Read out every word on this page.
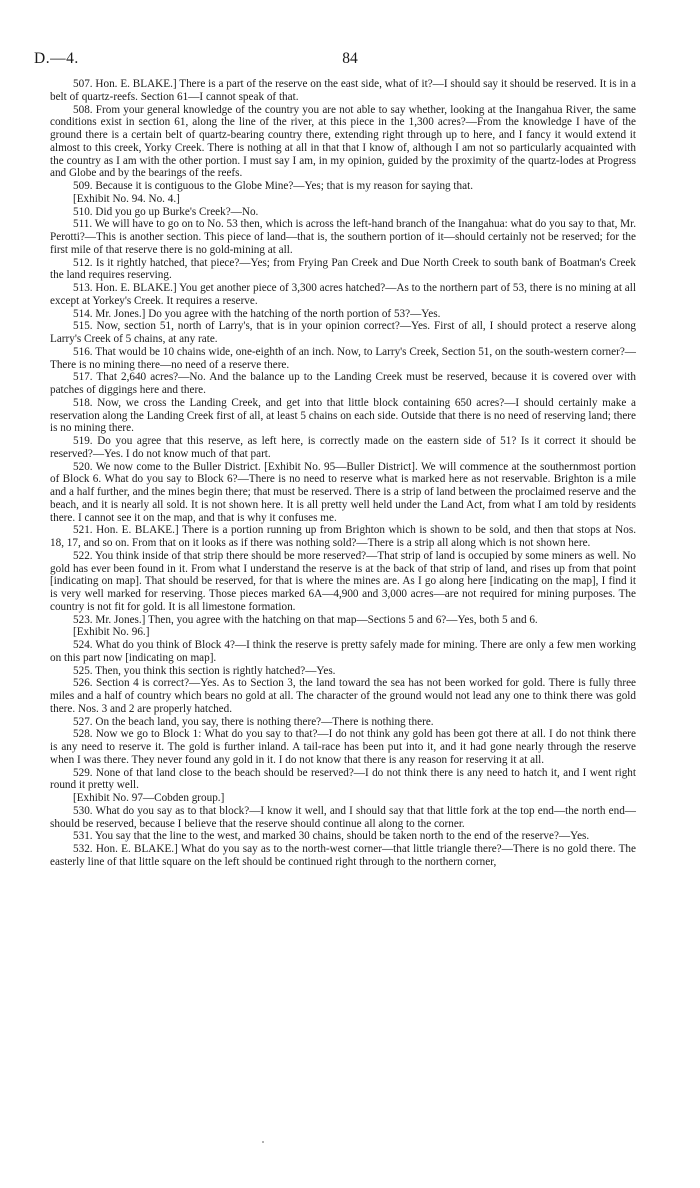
D.—4.	84

507. Hon. E. BLAKE.] There is a part of the reserve on the east side, what of it?—I should say it should be reserved. It is in a belt of quartz-reefs. Section 61—I cannot speak of that.

508. From your general knowledge of the country you are not able to say whether, looking at the Inangahua River, the same conditions exist in section 61, along the line of the river, at this piece in the 1,300 acres?—From the knowledge I have of the ground there is a certain belt of quartz-bearing country there, extending right through up to here, and I fancy it would extend it almost to this creek, Yorky Creek. There is nothing at all in that that I know of, although I am not so particularly acquainted with the country as I am with the other portion. I must say I am, in my opinion, guided by the proximity of the quartz-lodes at Progress and Globe and by the bearings of the reefs.

509. Because it is contiguous to the Globe Mine?—Yes; that is my reason for saying that.

[Exhibit No. 94. No. 4.]

510. Did you go up Burke's Creek?—No.

511. We will have to go on to No. 53 then, which is across the left-hand branch of the Inangahua: what do you say to that, Mr. Perotti?—This is another section. This piece of land—that is, the southern portion of it—should certainly not be reserved; for the first mile of that reserve there is no gold-mining at all.

512. Is it rightly hatched, that piece?—Yes; from Frying Pan Creek and Due North Creek to south bank of Boatman's Creek the land requires reserving.

513. Hon. E. BLAKE.] You get another piece of 3,300 acres hatched?—As to the northern part of 53, there is no mining at all except at Yorkey's Creek. It requires a reserve.

514. Mr. Jones.] Do you agree with the hatching of the north portion of 53?—Yes.

515. Now, section 51, north of Larry's, that is in your opinion correct?—Yes. First of all, I should protect a reserve along Larry's Creek of 5 chains, at any rate.

516. That would be 10 chains wide, one-eighth of an inch. Now, to Larry's Creek, Section 51, on the south-western corner?—There is no mining there—no need of a reserve there.

517. That 2,640 acres?—No. And the balance up to the Landing Creek must be reserved, because it is covered over with patches of diggings here and there.

518. Now, we cross the Landing Creek, and get into that little block containing 650 acres?—I should certainly make a reservation along the Landing Creek first of all, at least 5 chains on each side. Outside that there is no need of reserving land; there is no mining there.

519. Do you agree that this reserve, as left here, is correctly made on the eastern side of 51? Is it correct it should be reserved?—Yes. I do not know much of that part.

520. We now come to the Buller District. [Exhibit No. 95—Buller District]. We will commence at the southernmost portion of Block 6. What do you say to Block 6?—There is no need to reserve what is marked here as not reservable. Brighton is a mile and a half further, and the mines begin there; that must be reserved. There is a strip of land between the proclaimed reserve and the beach, and it is nearly all sold. It is not shown here. It is all pretty well held under the Land Act, from what I am told by residents there. I cannot see it on the map, and that is why it confuses me.

521. Hon. E. BLAKE.] There is a portion running up from Brighton which is shown to be sold, and then that stops at Nos. 18, 17, and so on. From that on it looks as if there was nothing sold?—There is a strip all along which is not shown here.

522. You think inside of that strip there should be more reserved?—That strip of land is occupied by some miners as well. No gold has ever been found in it. From what I understand the reserve is at the back of that strip of land, and rises up from that point [indicating on map]. That should be reserved, for that is where the mines are. As I go along here [indicating on the map], I find it is very well marked for reserving. Those pieces marked 6A—4,900 and 3,000 acres—are not required for mining purposes. The country is not fit for gold. It is all limestone formation.

523. Mr. Jones.] Then, you agree with the hatching on that map—Sections 5 and 6?—Yes, both 5 and 6.

[Exhibit No. 96.]

524. What do you think of Block 4?—I think the reserve is pretty safely made for mining. There are only a few men working on this part now [indicating on map].

525. Then, you think this section is rightly hatched?—Yes.

526. Section 4 is correct?—Yes. As to Section 3, the land toward the sea has not been worked for gold. There is fully three miles and a half of country which bears no gold at all. The character of the ground would not lead any one to think there was gold there. Nos. 3 and 2 are properly hatched.

527. On the beach land, you say, there is nothing there?—There is nothing there.

528. Now we go to Block 1: What do you say to that?—I do not think any gold has been got there at all. I do not think there is any need to reserve it. The gold is further inland. A tail-race has been put into it, and it had gone nearly through the reserve when I was there. They never found any gold in it. I do not know that there is any reason for reserving it at all.

529. None of that land close to the beach should be reserved?—I do not think there is any need to hatch it, and I went right round it pretty well.

[Exhibit No. 97—Cobden group.]

530. What do you say as to that block?—I know it well, and I should say that that little fork at the top end—the north end—should be reserved, because I believe that the reserve should continue all along to the corner.

531. You say that the line to the west, and marked 30 chains, should be taken north to the end of the reserve?—Yes.

532. Hon. E. BLAKE.] What do you say as to the north-west corner—that little triangle there?—There is no gold there. The easterly line of that little square on the left should be continued right through to the northern corner,
